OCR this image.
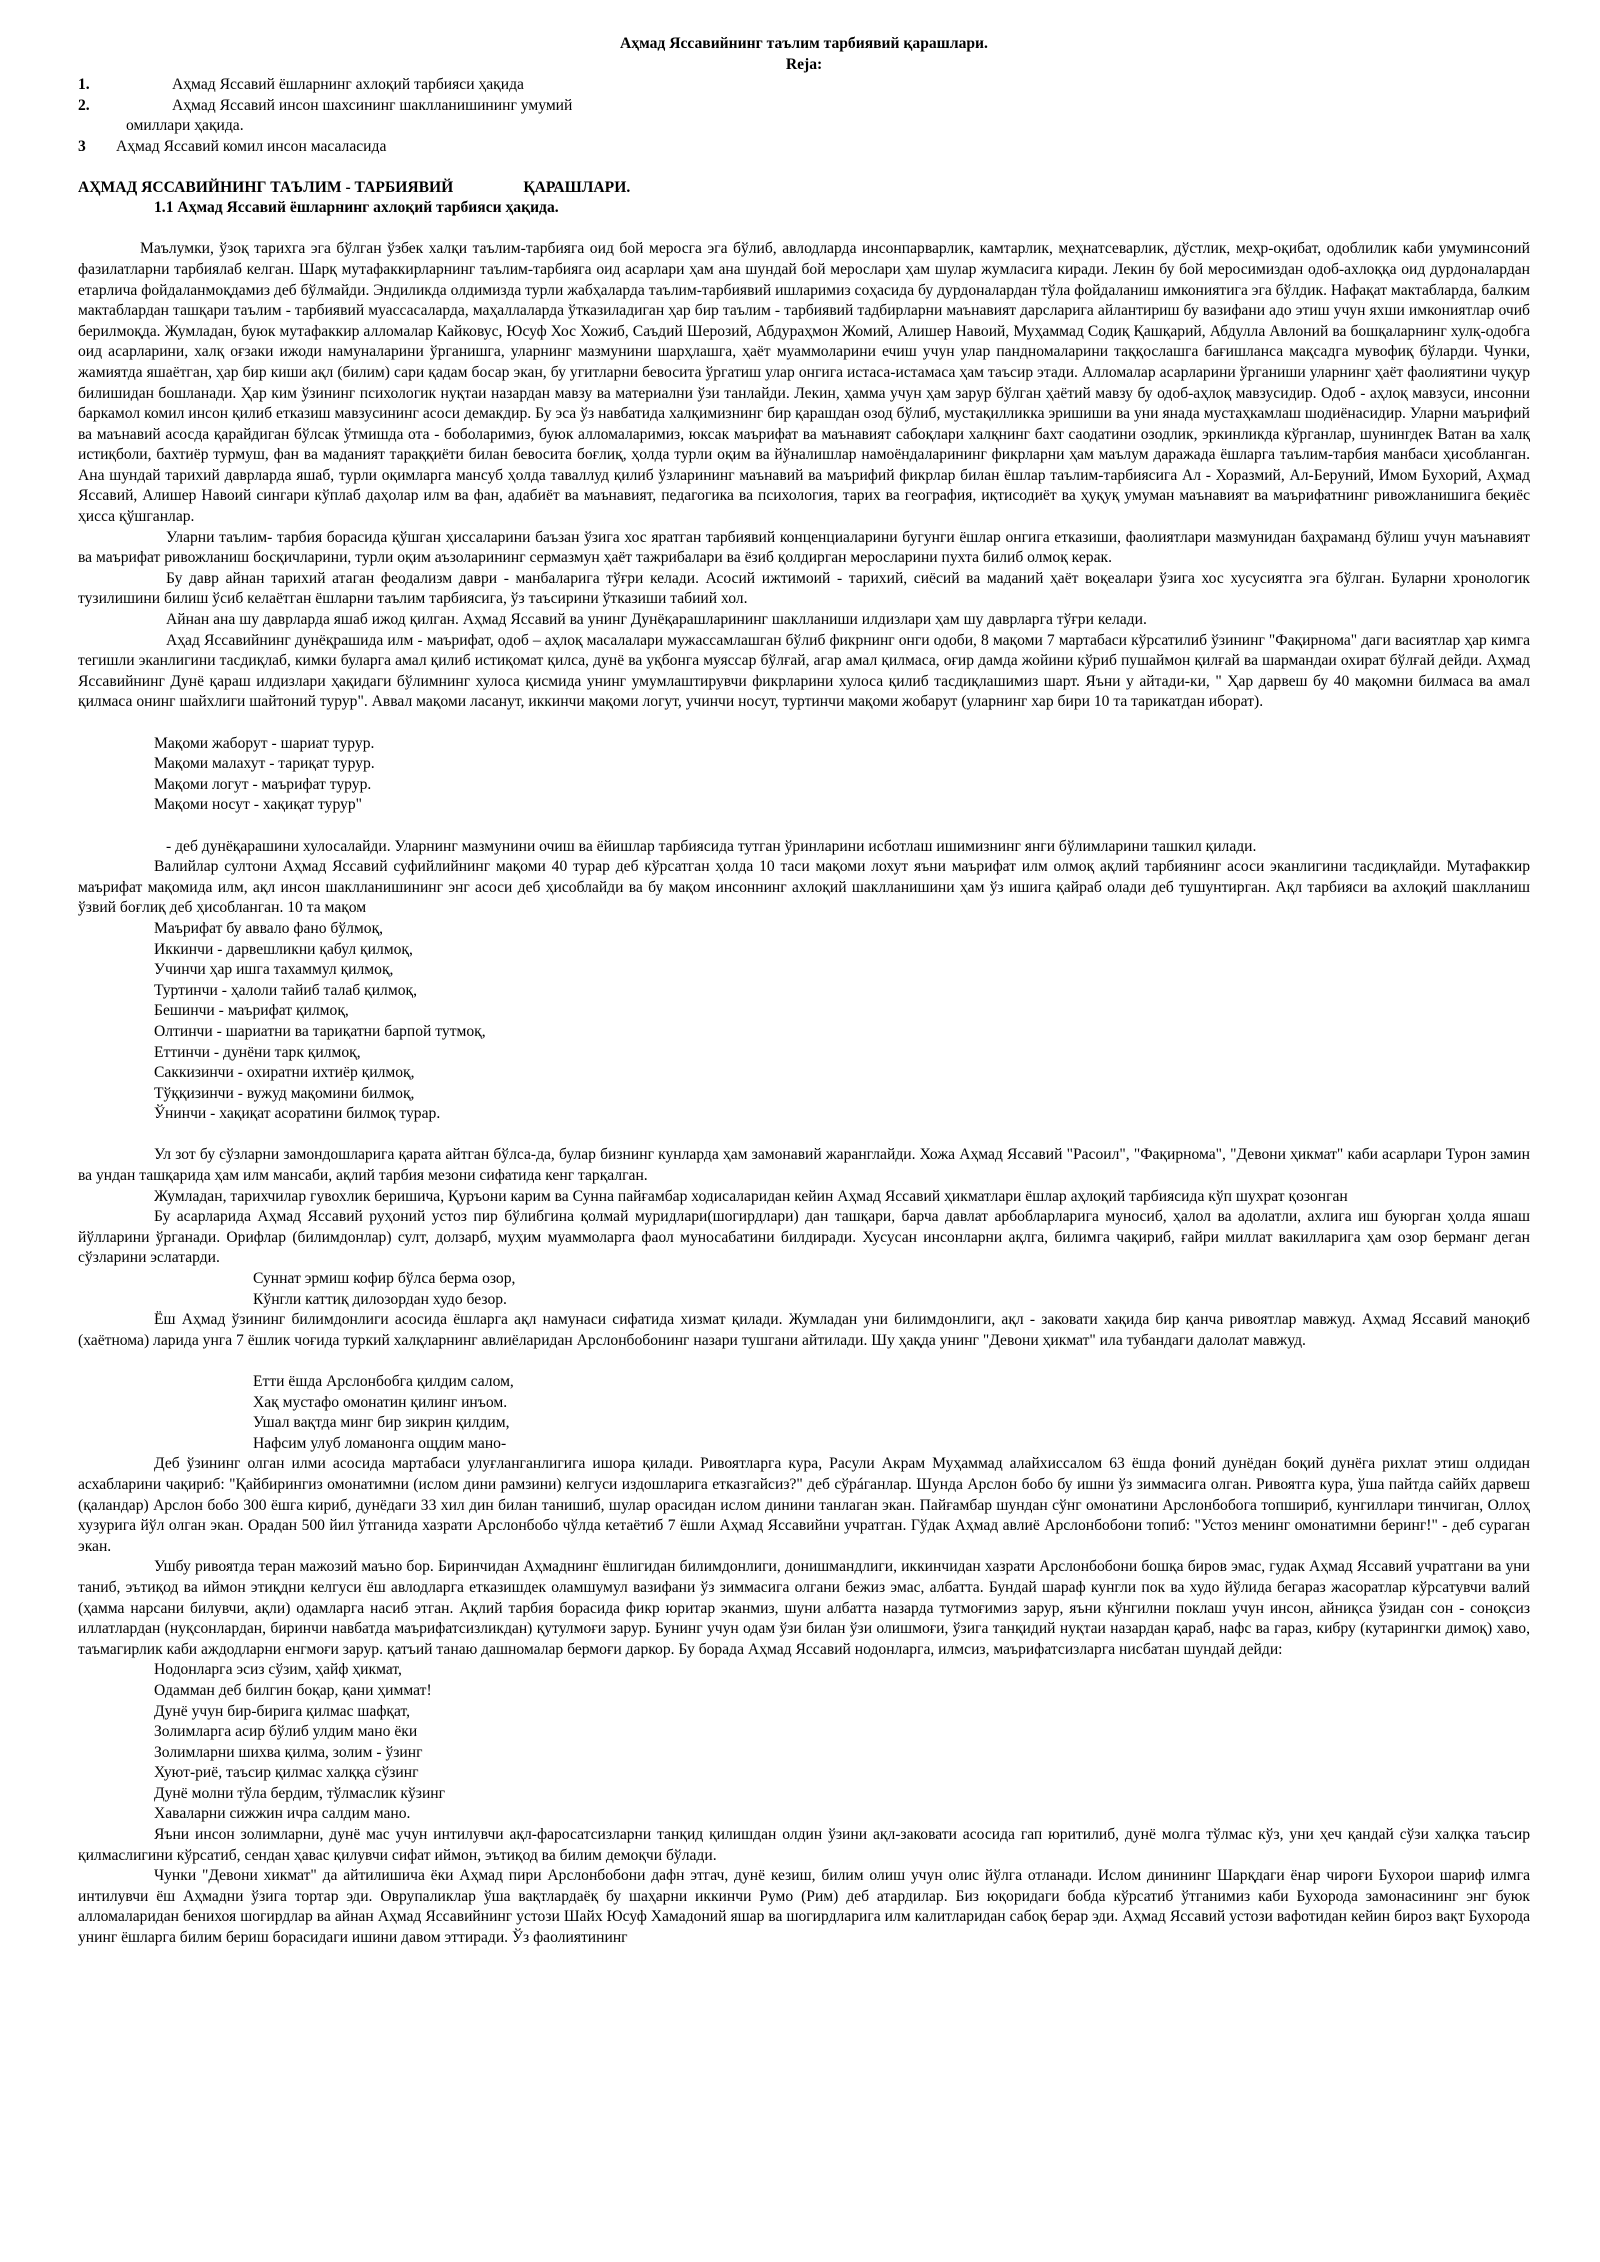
Аҳмад Яссавийнинг таълим тарбиявий қарашлари.
Reja:
1.	Аҳмад Яссавий ёшларнинг ахлоқий тарбияси ҳақида
2.	Аҳмад Яссавий инсон шахсининг шаклланишининг умумий
омиллари ҳақида.
3	Аҳмад Яссавий комил инсон масаласида
АҲМАД ЯССАВИЙНИНГ ТАЪЛИМ - ТАРБИЯВИЙ	ҚАРАШЛАРИ.
1.1 Аҳмад Яссавий ёшларнинг ахлоқий тарбияси ҳақида.
Маълумки, ўзоқ тарихга эга бўлган ўзбек халқи таълим-тарбияга оид бой меросга эга бўлиб, авлодларда инсонпарварлик, камтарлик, меҳнатсеварлик, дўстлик, меҳр-оқибат, одоблилик каби умуминсоний фазилатларни тарбиялаб келган. Шарқ мутафаккирларнинг таълим-тарбияга оид асарлари ҳам ана шундай бой мерослари ҳам шулар жумласига киради. Лекин бу бой меросимиздан одоб-ахлоққа оид дурдоналардан етарлича фойдаланмоқдамиз деб бўлмайди. Эндиликда олдимизда турли жабҳаларда таълим-тарбиявий ишларимиз соҳасида бу дурдоналардан тўла фойдаланиш имкониятига эга бўлдик. Нафақат мактабларда, балким мактаблардан ташқари таълим - тарбиявий муассасаларда, маҳаллаларда ўтказиладиган ҳар бир таълим - тарбиявий тадбирларни маънавият дарсларига айлантириш бу вазифани адо этиш учун яхши имкониятлар очиб берилмоқда. Жумладан, буюк мутафаккир алломалар Кайковус, Юсуф Хос Хожиб, Саъдий Шерозий, Абдураҳмон Жомий, Алишер Навоий, Муҳаммад Содиқ Қашқарий, Абдулла Авлоний ва бошқаларнинг хулқ-одобга оид асарларини, халқ оғзаки ижоди намуналарини ўрганишга, уларнинг мазмунини шарҳлашга, ҳаёт муаммоларини ечиш учун улар пандномаларини таққослашга бағишланса мақсадга мувофиқ бўларди. Чунки, жамиятда яшаётган, ҳар бир киши ақл (билим) сари қадам босар экан, бу угитларни бевосита ўргатиш улар онгига истаса-истамаса ҳам таъсир этади. Алломалар асарларини ўрганиши уларнинг ҳаёт фаолиятини чуқур билишидан бошланади. Ҳар ким ўзининг психологик нуқтаи назардан мавзу ва материални ўзи танлайди. Лекин, ҳамма учун ҳам зарур бўлган ҳаётий мавзу бу одоб-аҳлоқ мавзусидир. Одоб - аҳлоқ мавзуси, инсонни баркамол комил инсон қилиб етказиш мавзусининг асоси демакдир. Бу эса ўз навбатида халқимизнинг бир қарашдан озод бўлиб, мустақилликка эришиши ва уни янада мустаҳкамлаш шодиёнасидир. Уларни маърифий ва маънавий асосда қарайдиган бўлсак ўтмишда ота - боболаримиз, буюк алломаларимиз, юксак маърифат ва маънавият сабоқлари халқнинг бахт саодатини озодлик, эркинликда кўрганлар, шунингдек Ватан ва халқ истиқболи, бахтиёр турмуш, фан ва маданият тараққиёти билан бевосита боғлиқ, ҳолда турли оқим ва йўналишлар намоёндаларининг фикрларни ҳам маълум даражада ёшларга таълим-тарбия манбаси ҳисобланган. Ана шундай тарихий даврларда яшаб, турли оқимларга мансуб ҳолда таваллуд қилиб ўзларининг маънавий ва маърифий фикрлар билан ёшлар таълим-тарбиясига Ал - Хоразмий, Ал-Беруний, Имом Бухорий, Аҳмад Яссавий, Алишер Навоий сингари кўплаб даҳолар илм ва фан, адабиёт ва маънавият, педагогика ва психология, тарих ва география, иқтисодиёт ва ҳуқуқ умуман маънавият ва маърифатнинг ривожланишига беқиёс ҳисса қўшганлар.
Уларни таълим- тарбия борасида қўшган ҳиссаларини баъзан ўзига хос яратган тарбиявий конценциаларини бугунги ёшлар онгига етказиши, фаолиятлари мазмунидан баҳраманд бўлиш учун маънавият ва маърифат ривожланиш босқичларини, турли оқим аъзоларининг сермазмун ҳаёт тажрибалари ва ёзиб қолдирган меросларини пухта билиб олмоқ керак.
Бу давр айнан тарихий атаган феодализм даври - манбаларига тўғри келади. Асосий ижтимоий - тарихий, сиёсий ва маданий ҳаёт воқеалари ўзига хос хусусиятга эга бўлган. Буларни хронологик тузилишини билиш ўсиб келаётган ёшларни таълим тарбиясига, ўз таъсирини ўтказиши табиий хол.
Айнан ана шу даврларда яшаб ижод қилган. Аҳмад Яссавий ва унинг Дунёқарашларининг шаклланиши илдизлари ҳам шу даврларга тўғри келади.
Аҳад Яссавийнинг дунёқрашида илм - маърифат, одоб – аҳлоқ масалалари мужассамлашган бўлиб фикрнинг онги одоби, 8 мақоми 7 мартабаси кўрсатилиб ўзининг "Фақирнома" даги васиятлар ҳар кимга тегишли эканлигини тасдиқлаб, кимки буларга амал қилиб истиқомат қилса, дунё ва уқбонга муяссар бўлғай, агар амал қилмаса, оғир дамда жойини кўриб пушаймон қилғай ва шармандаи охират бўлғай дейди. Аҳмад Яссавийнинг Дунё қараш илдизлари ҳақидаги бўлимнинг хулоса қисмида унинг умумлаштирувчи фикрларини хулоса қилиб тасдиқлашимиз шарт. Яъни у айтади-ки, " Ҳар дарвеш бу 40 мақомни билмаса ва амал қилмаса онинг шайхлиги шайтоний турур". Аввал мақоми ласанут, иккинчи мақоми логут, учинчи носут, туртинчи мақоми жобарут (уларнинг хар бири 10 та тарикатдан иборат).
Мақоми жаборут - шариат турур.
Мақоми малахут - тариқат турур.
Мақоми логут - маърифат турур.
Мақоми носут - хақиқат турур"
- деб дунёқарашини хулосалайди. Уларнинг мазмунини очиш ва ёйишлар тарбиясида тутган ўринларини исботлаш ишимизнинг янги бўлимларини ташкил қилади.
Валийлар султони Аҳмад Яссавий суфийлийнинг мақоми 40 турар деб кўрсатган ҳолда 10 таси мақоми лохут яъни маърифат илм олмоқ ақлий тарбиянинг асоси эканлигини тасдиқлайди. Мутафаккир маърифат мақомида илм, ақл инсон шаклланишининг энг асоси деб ҳисоблайди ва бу мақом инсоннинг ахлоқий шаклланишини ҳам ўз ишига қайраб олади деб тушунтирган. Ақл тарбияси ва ахлоқий шаклланиш ўзвий боғлиқ деб ҳисобланган. 10 та мақом
Маърифат бу аввало фано бўлмоқ,
Иккинчи - дарвешликни қабул қилмоқ,
Учинчи ҳар ишга тахаммул қилмоқ,
Туртинчи - ҳалоли тайиб талаб қилмоқ,
Бешинчи - маърифат қилмоқ,
Олтинчи - шариатни ва тариқатни барпой тутмоқ,
Еттинчи - дунёни тарк қилмоқ,
Саккизинчи - охиратни ихтиёр қилмоқ,
Тўққизинчи - вужуд мақомини билмоқ,
Ўнинчи - хақиқат асоратини билмоқ турар.
Ул зот бу сўзларни замондошларига қарата айтган бўлса-да, булар бизнинг кунларда ҳам замонавий жаранглайди. Хожа Аҳмад Яссавий "Расоил", "Фақирнома", "Девони ҳикмат" каби асарлари Турон замин ва ундан ташқарида ҳам илм мансаби, ақлий тарбия мезони сифатида кенг тарқалган.
Жумладан, тарихчилар гувохлик беришича, Қуръони карим ва Сунна пайғамбар ходисаларидан кейин Аҳмад Яссавий ҳикматлари ёшлар аҳлоқий тарбиясида кўп шухрат қозонган
Бу асарларида Аҳмад Яссавий руҳоний устоз пир бўлибгина қолмай муридлари(шогирдлари) дан ташқари, барча давлат арбобларларига муносиб, ҳалол ва адолатли, ахлига иш буюрган ҳолда яшаш йўлларини ўрганади. Орифлар (билимдонлар) султ, долзарб, муҳим муаммоларга фаол муносабатини билдиради. Хусусан инсонларни ақлга, билимга чақириб, ғайри миллат вакилларига ҳам озор берманг деган сўзларини эслатарди.
Суннат эрмиш кофир бўлса берма озор,
Кўнгли каттиқ дилозордан худо безор.
Ёш Аҳмад ўзининг билимдонлиги асосида ёшларга ақл намунаси сифатида хизмат қилади. Жумладан уни билимдонлиги, ақл - заковати хақида бир қанча ривоятлар мавжуд. Аҳмад Яссавий маноқиб (хаётнома) ларида унга 7 ёшлик чоғида туркий халқларнинг авлиёларидан Арслонбобонинг назари тушгани айтилади. Шу ҳақда унинг "Девони ҳикмат" ила тубандаги далолат мавжуд.
Етти ёшда Арслонбобга қилдим салом,
Хақ мустафо омонатин қилинг инъом.
Ушал вақтда минг бир зикрин қилдим,
Нафсим улуб ломанонга ощдим мано-
Деб ўзининг олган илми асосида мартабаси улуғланганлигига ишора қилади. Ривоятларга кура, Расули Акрам Муҳаммад алайхиссалом 63 ёшда фоний дунёдан боқий дунёга рихлат этиш олдидан асхабларини чақириб: "Қайбирингиз омонатимни (ислом дини рамзини) келгуси издошларига етказгайсиз?" деб сўрáганлар. Шунда Арслон бобо бу ишни ўз зиммасига олган. Ривоятга кура, ўша пайтда саййх дарвеш (қаландар) Арслон бобо 300 ёшга кириб, дунёдаги 33 хил дин билан танишиб, шулар орасидан ислом динини танлаган экан. Пайғамбар шундан сўнг омонатини Арслонбобога топшириб, кунгиллари тинчиган, Оллоҳ хузурига йўл олган экан. Орадан 500 йил ўтганида хазрати Арслонбобо чўлда кетаётиб 7 ёшли Аҳмад Яссавийни учратган. Гўдак Аҳмад авлиё Арслонбобони топиб: "Устоз менинг омонатимни беринг!" - деб сураган экан.
Ушбу ривоятда теран мажозий маъно бор. Биринчидан Аҳмаднинг ёшлигидан билимдонлиги, донишмандлиги, иккинчидан хазрати Арслонбобони бошқа биров эмас, гудак Аҳмад Яссавий учратгани ва уни таниб, эътиқод ва иймон этиқдни келгуси ёш авлодларга етказишдек оламшумул вазифани ўз зиммасига олгани бежиз эмас, албатта. Бундай шараф кунгли пок ва худо йўлида бегараз жасоратлар кўрсатувчи валий (ҳамма нарсани билувчи, ақли) одамларга насиб этган. Ақлий тарбия борасида фикр юритар эканмиз, шуни албатта назарда тутмоғимиз зарур, яъни кўнгилни поклаш учун инсон, айниқса ўзидан сон - соноқсиз иллатлардан (нуқсонлардан, биринчи навбатда маърифатсизликдан) қутулмоғи зарур. Бунинг учун одам ўзи билан ўзи олишмоғи, ўзига танқидий нуқтаи назардан қараб, нафс ва гараз, кибру (кутарингки димоқ) хаво, таъмагирлик каби аждодларни енгмоғи зарур. қатъий танаю дашномалар бермоғи даркор. Бу борада Аҳмад Яссавий нодонларга, илмсиз, маърифатсизларга нисбатан шундай дейди:
Нодонларга эсиз сўзим, ҳайф ҳикмат,
Одамман деб билгин боқар, қани ҳиммат!
Дунё учун бир-бирига қилмас шафқат,
Золимларга асир бўлиб улдим мано ёки
Золимларни шихва қилма, золим - ўзинг
Хуют-риё, таъсир қилмас халққа сўзинг
Дунё молни тўла бердим, тўлмаслик кўзинг
Хаваларни сижжин ичра салдим мано.
Яъни инсон золимларни, дунё мас учун интилувчи ақл-фаросатсизларни танқид қилишдан олдин ўзини ақл-заковати асосида гап юритилиб, дунё молга тўлмас кўз, уни ҳеч қандай сўзи халқка таъсир қилмаслигини кўрсатиб, сендан ҳавас қилувчи сифат иймон, эътиқод ва билим демоқчи бўлади.
Чунки "Девони хикмат" да айтилишича ёки Аҳмад пири Арслонбобони дафн этгач, дунё кезиш, билим олиш учун олис йўлга отланади. Ислом динининг Шарқдаги ёнар чироғи Бухорои шариф илмга интилувчи ёш Аҳмадни ўзига тортар эди. Оврупаликлар ўша вақтлардаёқ бу шаҳарни иккинчи Румо (Рим) деб атардилар. Биз юқоридаги бобда кўрсатиб ўтганимиз каби Бухорода замонасининг энг буюк алломаларидан бенихоя шогирдлар ва айнан Аҳмад Яссавийнинг устози Шайх Юсуф Хамадоний яшар ва шогирдларига илм калитларидан сабоқ берар эди. Аҳмад Яссавий устози вафотидан кейин бироз вақт Бухорода унинг ёшларга билим бериш борасидаги ишини давом эттиради. Ўз фаолиятининг
